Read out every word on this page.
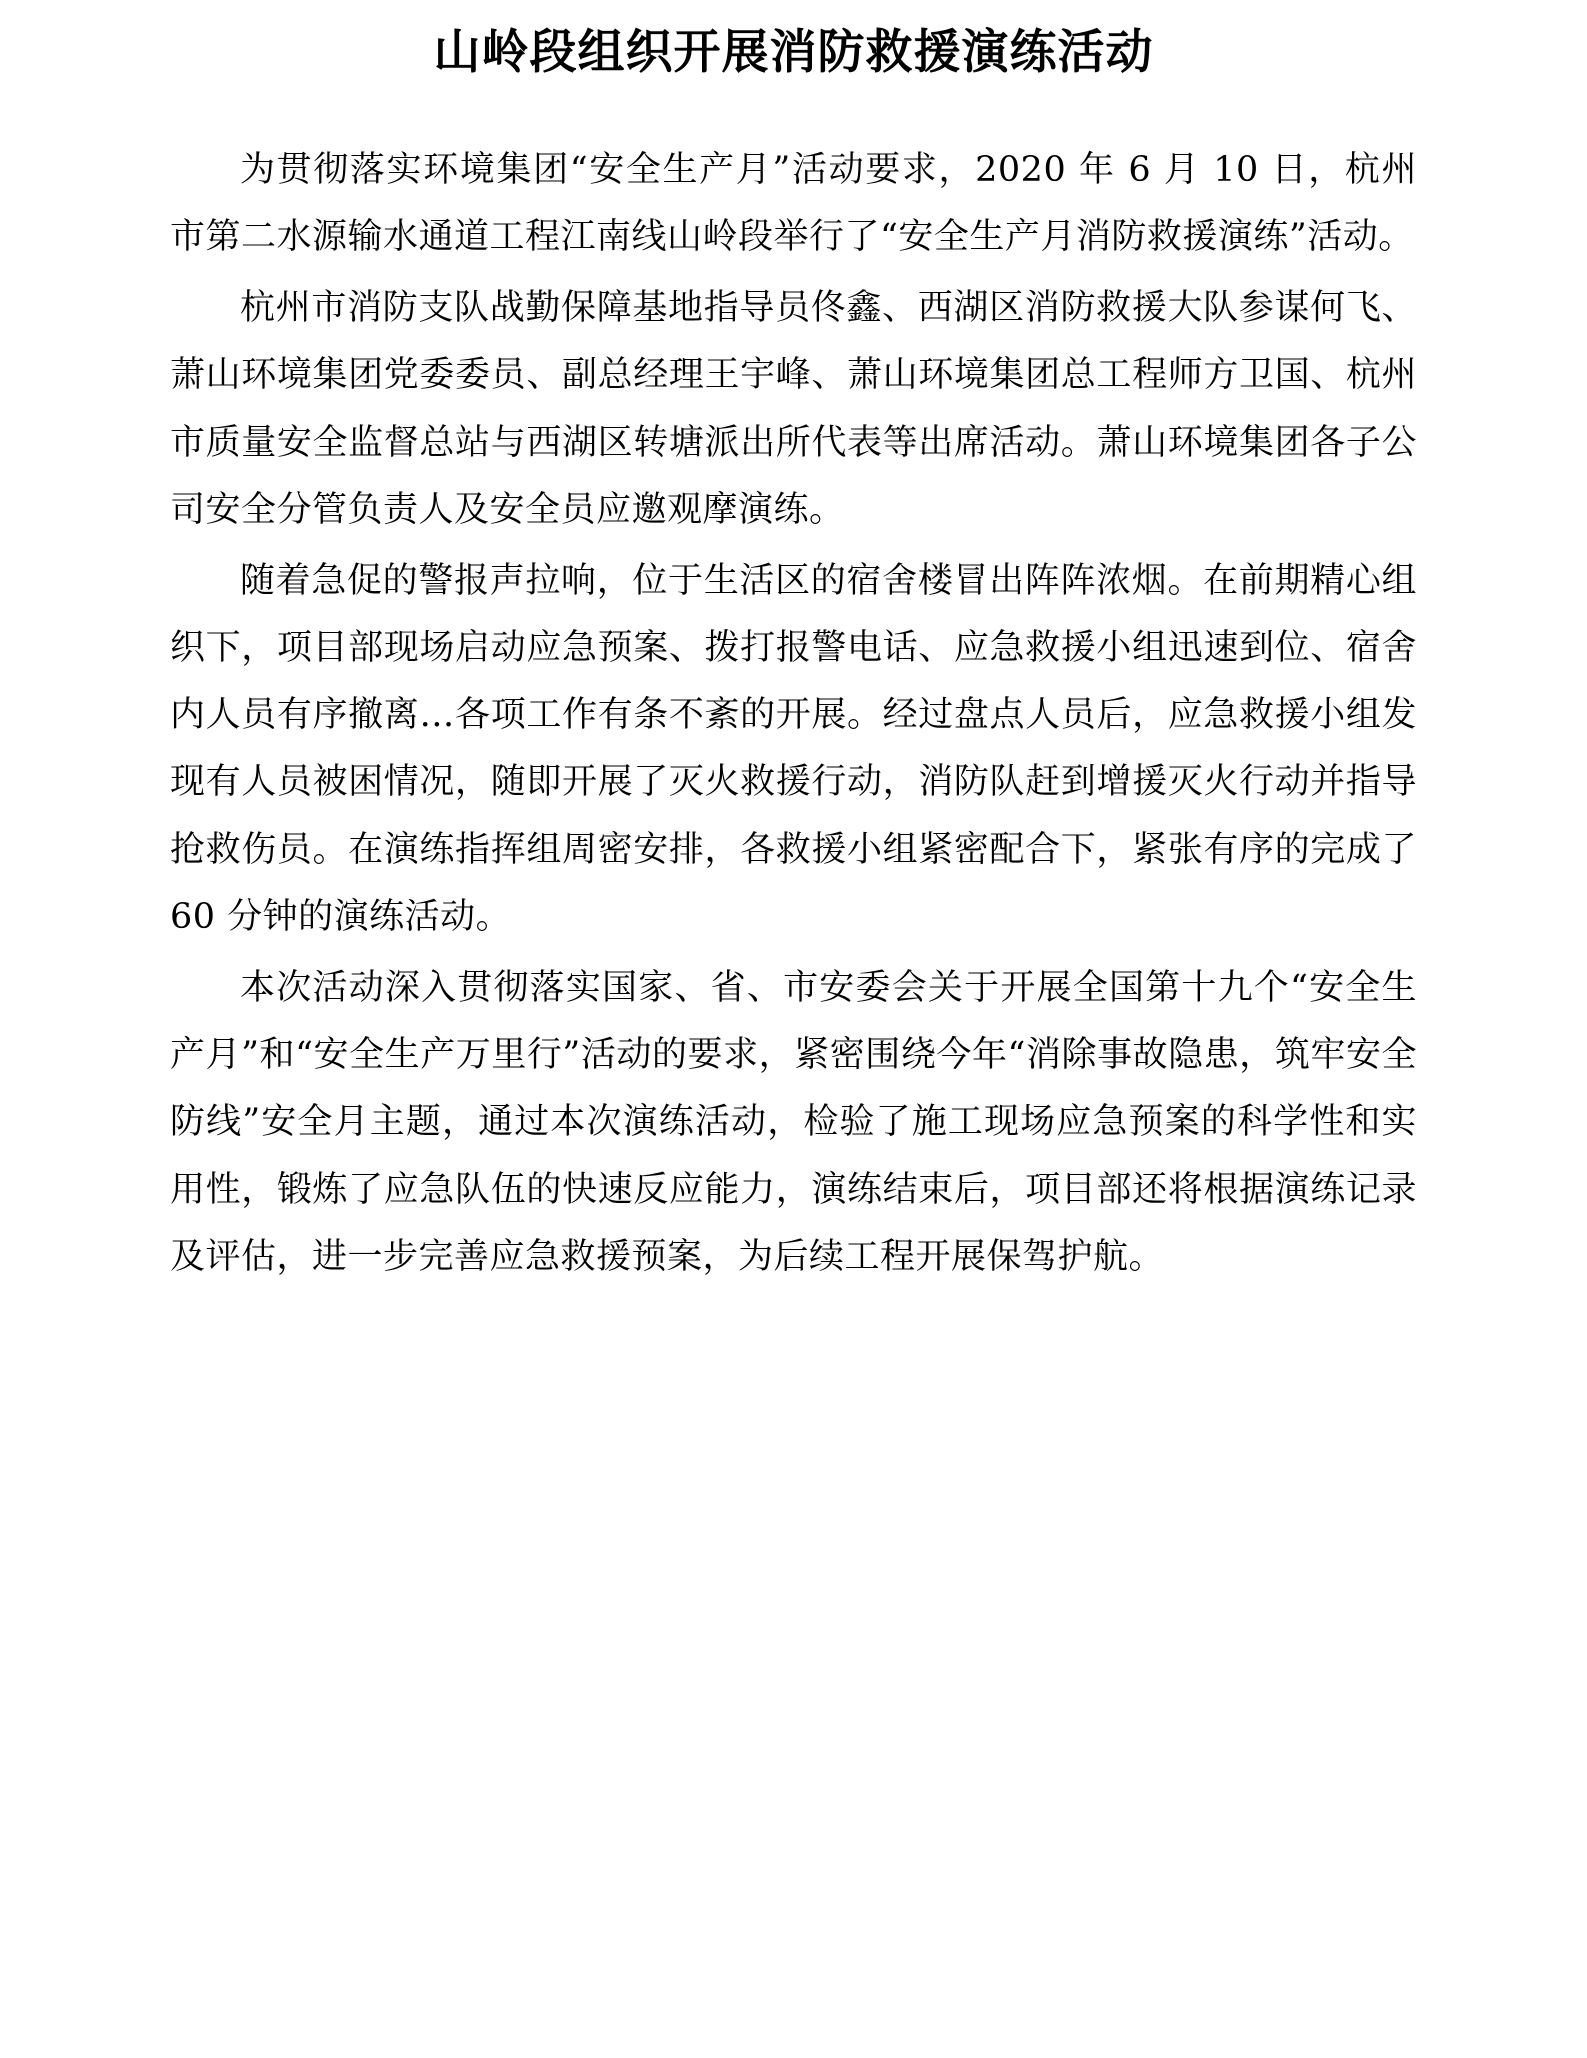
山岭段组织开展消防救援演练活动

为贯彻落实环境集团“安全生产月”活动要求，2020 年 6 月 10 日，杭州市第二水源输水通道工程江南线山岭段举行了“安全生产月消防救援演练”活动。

杭州市消防支队战勤保障基地指导员佟鑫、西湖区消防救援大队参谋何飞、萧山环境集团党委委员、副总经理王宇峰、萧山环境集团总工程师方卫国、杭州市质量安全监督总站与西湖区转塘派出所代表等出席活动。萧山环境集团各子公司安全分管负责人及安全员应邀观摩演练。

随着急促的警报声拉响，位于生活区的宿舍楼冒出阵阵浓烟。在前期精心组织下，项目部现场启动应急预案、拨打报警电话、应急救援小组迅速到位、宿舍内人员有序撤离…各项工作有条不紊的开展。经过盘点人员后，应急救援小组发现有人员被困情况，随即开展了灭火救援行动，消防队赶到增援灭火行动并指导抢救伤员。在演练指挥组周密安排，各救援小组紧密配合下，紧张有序的完成了 60 分钟的演练活动。

本次活动深入贯彻落实国家、省、市安委会关于开展全国第十九个“安全生产月”和“安全生产万里行”活动的要求，紧密围绕今年“消除事故隐患，筑牢安全防线”安全月主题，通过本次演练活动，检验了施工现场应急预案的科学性和实用性，锻炼了应急队伍的快速反应能力，演练结束后，项目部还将根据演练记录及评估，进一步完善应急救援预案，为后续工程开展保驾护航。
